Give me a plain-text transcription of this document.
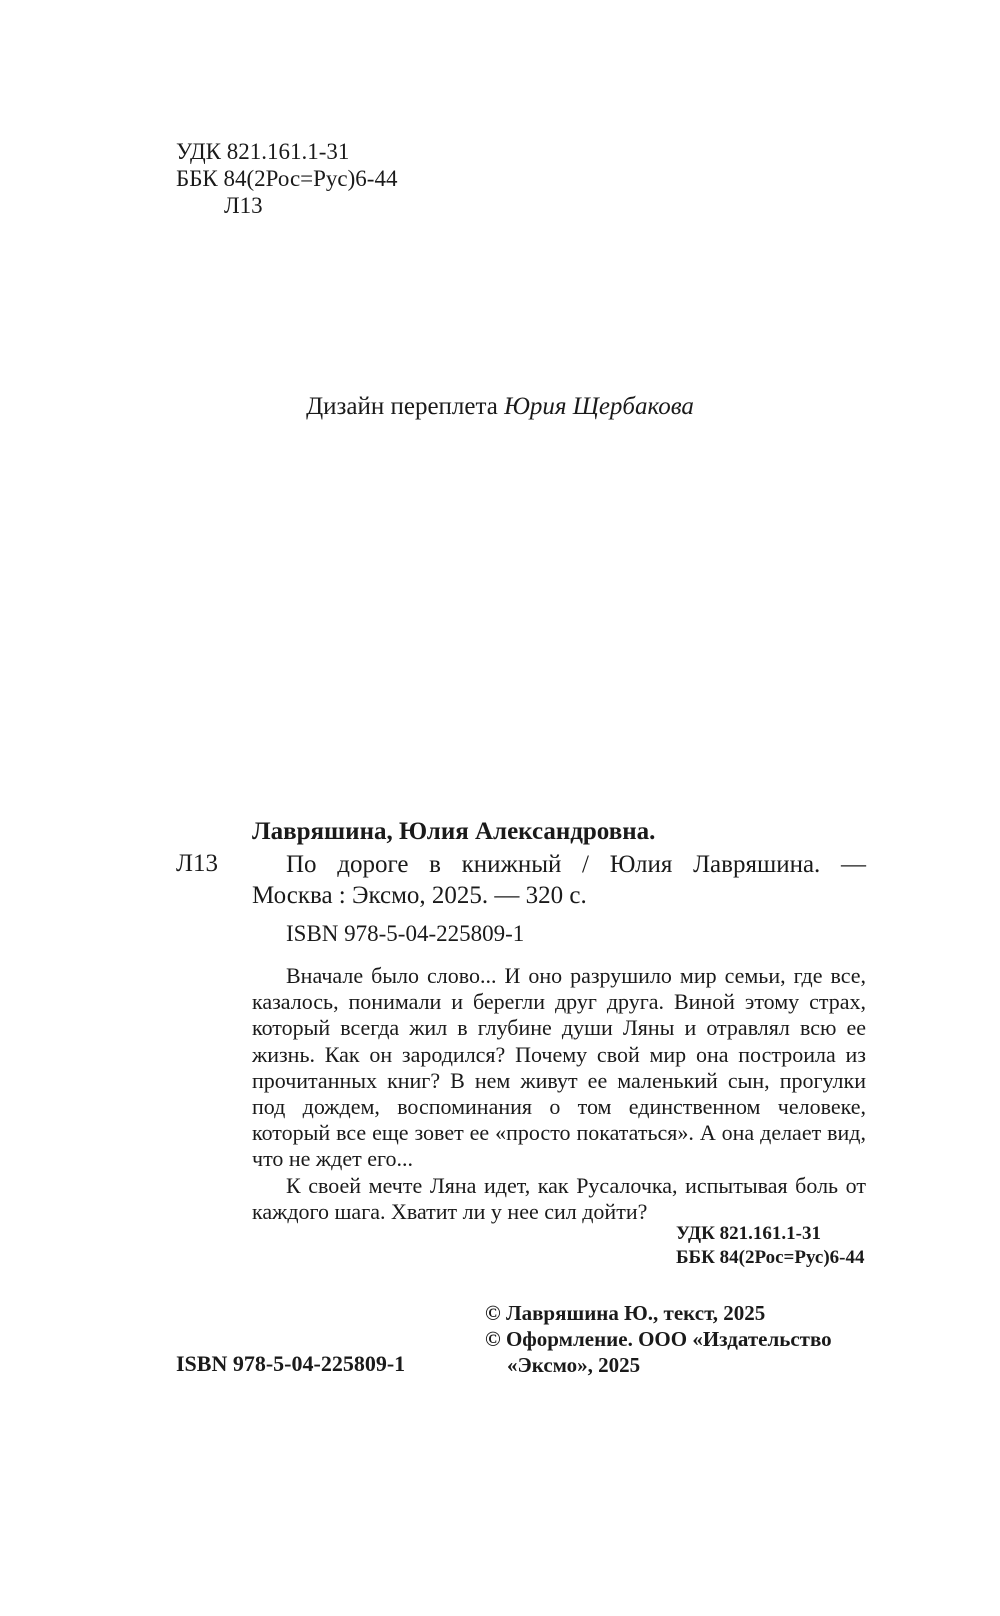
УДК 821.161.1-31
ББК 84(2Рос=Рус)6-44
Л13
Дизайн переплета Юрия Щербакова
Лавряшина, Юлия Александровна.
Л13	По дороге в книжный / Юлия Лавряшина. —
Москва : Эксмо, 2025. — 320 с.
ISBN 978-5-04-225809-1

Вначале было слово... И оно разрушило мир семьи, где все, казалось, понимали и берегли друг друга. Виной этому страх, который всегда жил в глубине души Ляны и отравлял всю ее жизнь. Как он зародился? Почему свой мир она построила из прочитанных книг? В нем живут ее маленький сын, прогулки под дождем, воспоминания о том единственном человеке, который все еще зовет ее «просто покататься». А она делает вид, что не ждет его...

К своей мечте Ляна идет, как Русалочка, испытывая боль от каждого шага. Хватит ли у нее сил дойти?

УДК 821.161.1-31
ББК 84(2Рос=Рус)6-44
ISBN 978-5-04-225809-1
© Лавряшина Ю., текст, 2025
© Оформление. ООО «Издательство
«Эксмо», 2025
